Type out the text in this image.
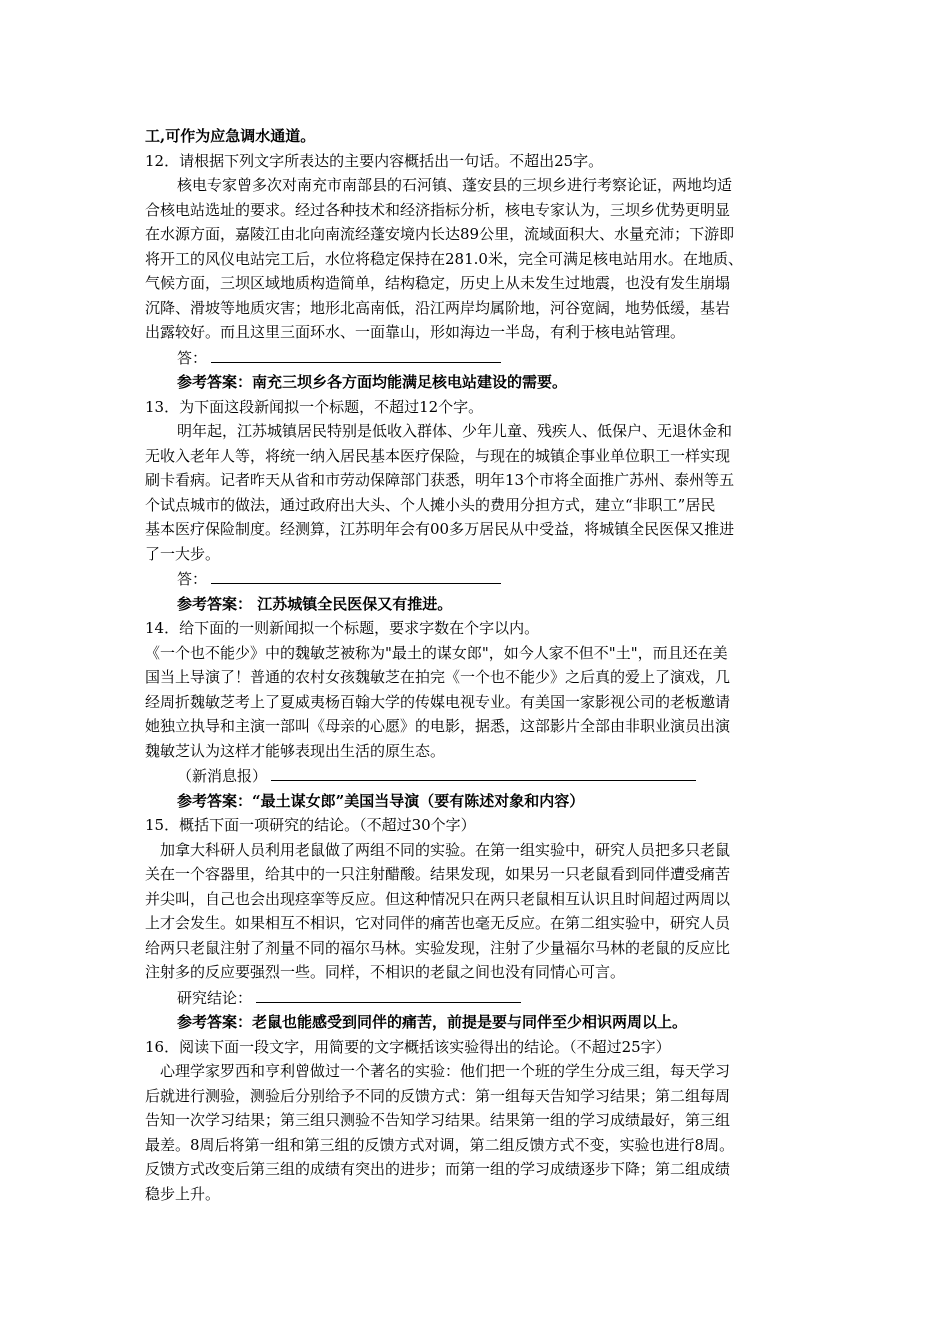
工,可作为应急调水通道。
12．请根据下列文字所表达的主要内容概括出一句话。不超出25字。
核电专家曾多次对南充市南部县的石河镇、蓬安县的三坝乡进行考察论证，两地均适
合核电站选址的要求。经过各种技术和经济指标分析，核电专家认为，三坝乡优势更明显
在水源方面，嘉陵江由北向南流经蓬安境内长达89公里，流域面积大、水量充沛；下游即
将开工的风仪电站完工后，水位将稳定保持在281.0米，完全可满足核电站用水。在地质、
气候方面，三坝区域地质构造简单，结构稳定，历史上从未发生过地震，也没有发生崩塌
沉降、滑坡等地质灾害；地形北高南低，沿江两岸均属阶地，河谷宽阔，地势低缓，基岩
出露较好。而且这里三面环水、一面靠山，形如海边一半岛，有利于核电站管理。
答：
参考答案：南充三坝乡各方面均能满足核电站建设的需要。
13．为下面这段新闻拟一个标题，不超过12个字。
明年起，江苏城镇居民特别是低收入群体、少年儿童、残疾人、低保户、无退休金和
无收入老年人等，将统一纳入居民基本医疗保险，与现在的城镇企事业单位职工一样实现
刷卡看病。记者昨天从省和市劳动保障部门获悉，明年13个市将全面推广苏州、泰州等五
个试点城市的做法，通过政府出大头、个人摊小头的费用分担方式，建立“非职工”居民
基本医疗保险制度。经测算，江苏明年会有00多万居民从中受益，将城镇全民医保又推进
了一大步。
答：
参考答案： 江苏城镇全民医保又有推进。
14．给下面的一则新闻拟一个标题，要求字数在个字以内。
《一个也不能少》中的魏敏芝被称为"最土的谋女郎"，如今人家不但不"土"，而且还在美
国当上导演了！普通的农村女孩魏敏芝在拍完《一个也不能少》之后真的爱上了演戏，几
经周折魏敏芝考上了夏威夷杨百翰大学的传媒电视专业。有美国一家影视公司的老板邀请
她独立执导和主演一部叫《母亲的心愿》的电影，据悉，这部影片全部由非职业演员出演
魏敏芝认为这样才能够表现出生活的原生态。
（新消息报）
参考答案：“最土谋女郎”美国当导演（要有陈述对象和内容）
15．概括下面一项研究的结论。（不超过30个字）
加拿大科研人员利用老鼠做了两组不同的实验。在第一组实验中，研究人员把多只老鼠
关在一个容器里，给其中的一只注射醋酸。结果发现，如果另一只老鼠看到同伴遭受痛苦
并尖叫，自己也会出现痉挛等反应。但这种情况只在两只老鼠相互认识且时间超过两周以
上才会发生。如果相互不相识，它对同伴的痛苦也毫无反应。在第二组实验中，研究人员
给两只老鼠注射了剂量不同的福尔马林。实验发现，注射了少量福尔马林的老鼠的反应比
注射多的反应要强烈一些。同样，不相识的老鼠之间也没有同情心可言。
研究结论：
参考答案：老鼠也能感受到同伴的痛苦，前提是要与同伴至少相识两周以上。
16．阅读下面一段文字，用简要的文字概括该实验得出的结论。（不超过25字）
心理学家罗西和亨利曾做过一个著名的实验：他们把一个班的学生分成三组，每天学习
后就进行测验，测验后分别给予不同的反馈方式：第一组每天告知学习结果；第二组每周
告知一次学习结果；第三组只测验不告知学习结果。结果第一组的学习成绩最好，第三组
最差。8周后将第一组和第三组的反馈方式对调，第二组反馈方式不变，实验也进行8周。
反馈方式改变后第三组的成绩有突出的进步；而第一组的学习成绩逐步下降；第二组成绩
稳步上升。
